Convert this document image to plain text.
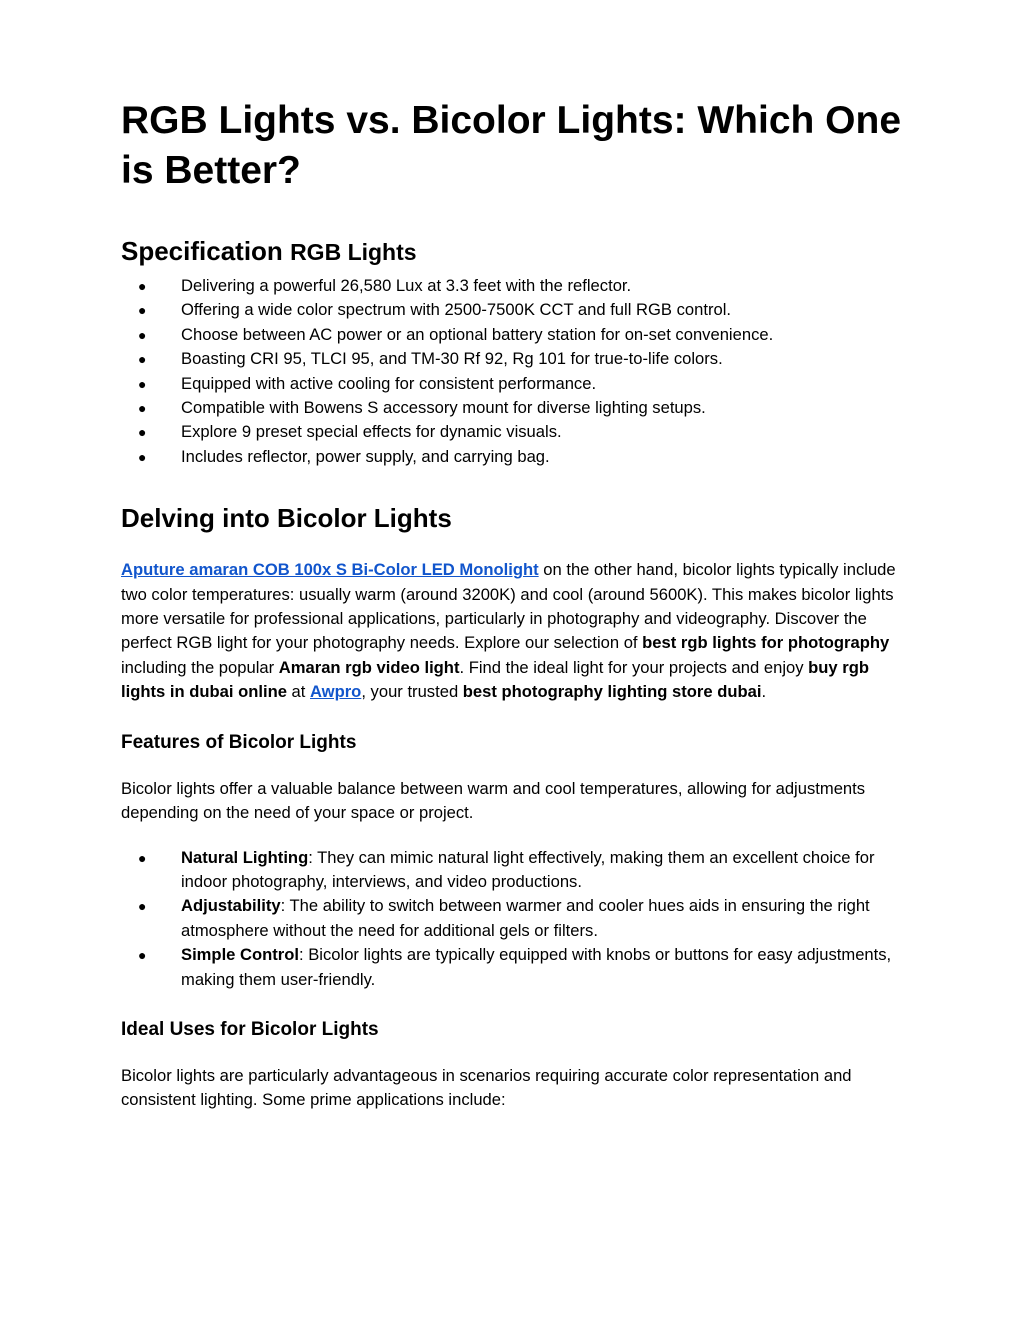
RGB Lights vs. Bicolor Lights: Which One is Better?
Specification RGB Lights
● Delivering a powerful 26,580 Lux at 3.3 feet with the reflector.
● Offering a wide color spectrum with 2500-7500K CCT and full RGB control.
● Choose between AC power or an optional battery station for on-set convenience.
● Boasting CRI 95, TLCI 95, and TM-30 Rf 92, Rg 101 for true-to-life colors.
● Equipped with active cooling for consistent performance.
● Compatible with Bowens S accessory mount for diverse lighting setups.
● Explore 9 preset special effects for dynamic visuals.
● Includes reflector, power supply, and carrying bag.
Delving into Bicolor Lights

Aputure amaran COB 100x S Bi-Color LED Monolight on the other hand, bicolor lights typically include two color temperatures: usually warm (around 3200K) and cool (around 5600K). This makes bicolor lights more versatile for professional applications, particularly in photography and videography. Discover the perfect RGB light for your photography needs. Explore our selection of best rgb lights for photography including the popular Amaran rgb video light. Find the ideal light for your projects and enjoy buy rgb lights in dubai online at Awpro, your trusted best photography lighting store dubai.

Features of Bicolor Lights

Bicolor lights offer a valuable balance between warm and cool temperatures, allowing for adjustments depending on the need of your space or project.

● Natural Lighting: They can mimic natural light effectively, making them an excellent choice for indoor photography, interviews, and video productions.
● Adjustability: The ability to switch between warmer and cooler hues aids in ensuring the right atmosphere without the need for additional gels or filters.
● Simple Control: Bicolor lights are typically equipped with knobs or buttons for easy adjustments, making them user-friendly.
Ideal Uses for Bicolor Lights

Bicolor lights are particularly advantageous in scenarios requiring accurate color representation and consistent lighting. Some prime applications include:
